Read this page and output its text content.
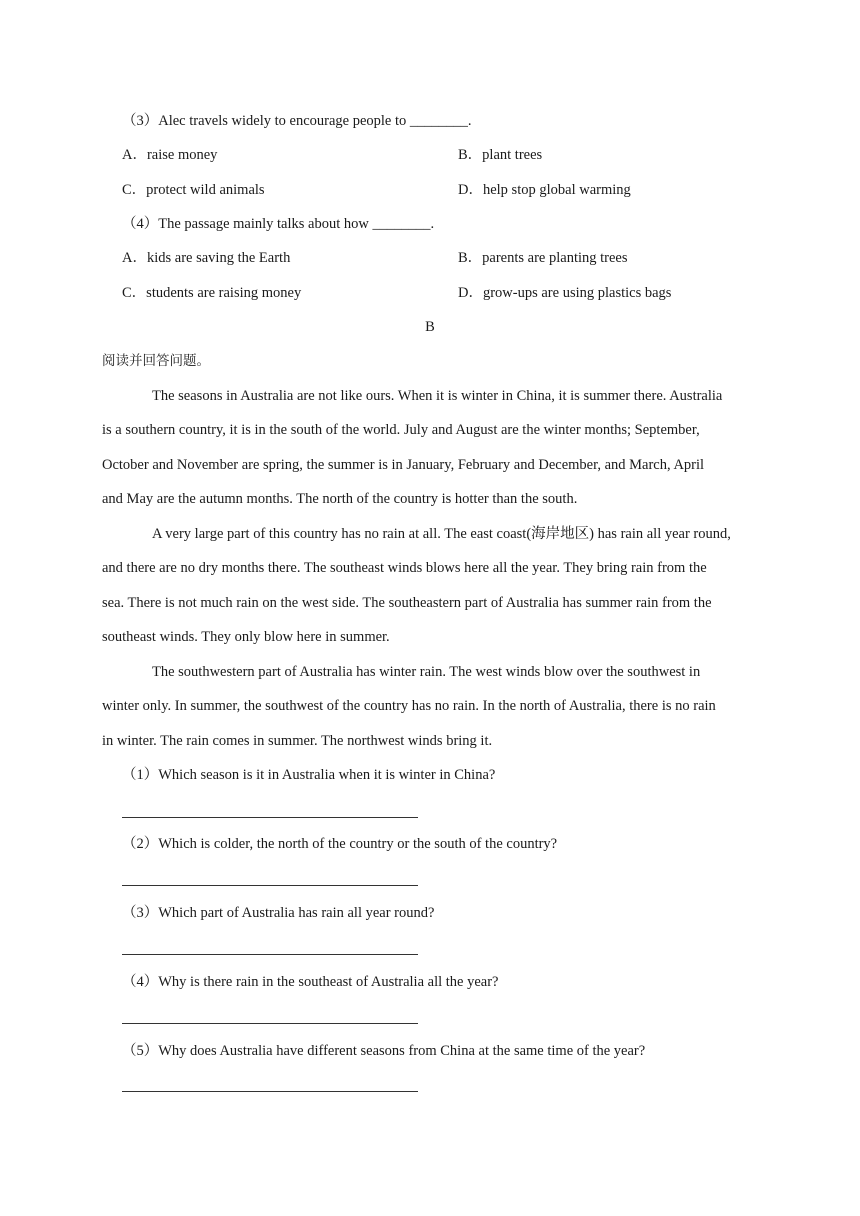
（3）Alec travels widely to encourage people to ________.
A．raise money	B．plant trees
C．protect wild animals	D．help stop global warming
（4）The passage mainly talks about how ________.
A．kids are saving the Earth	B．parents are planting trees
C．students are raising money	D．grow-ups are using plastics bags
B
阅读并回答问题。
The seasons in Australia are not like ours. When it is winter in China, it is summer there. Australia
is a southern country, it is in the south of the world. July and August are the winter months; September,
October and November are spring, the summer is in January, February and December, and March, April
and May are the autumn months. The north of the country is hotter than the south.
A very large part of this country has no rain at all. The east coast(海岸地区) has rain all year round,
and there are no dry months there. The southeast winds blows here all the year. They bring rain from the
sea. There is not much rain on the west side. The southeastern part of Australia has summer rain from the
southeast winds. They only blow here in summer.
The southwestern part of Australia has winter rain. The west winds blow over the southwest in
winter only. In summer, the southwest of the country has no rain. In the north of Australia, there is no rain
in winter. The rain comes in summer. The northwest winds bring it.
（1）Which season is it in Australia when it is winter in China?
（2）Which is colder, the north of the country or the south of the country?
（3）Which part of Australia has rain all year round?
（4）Why is there rain in the southeast of Australia all the year?
（5）Why does Australia have different seasons from China at the same time of the year?
